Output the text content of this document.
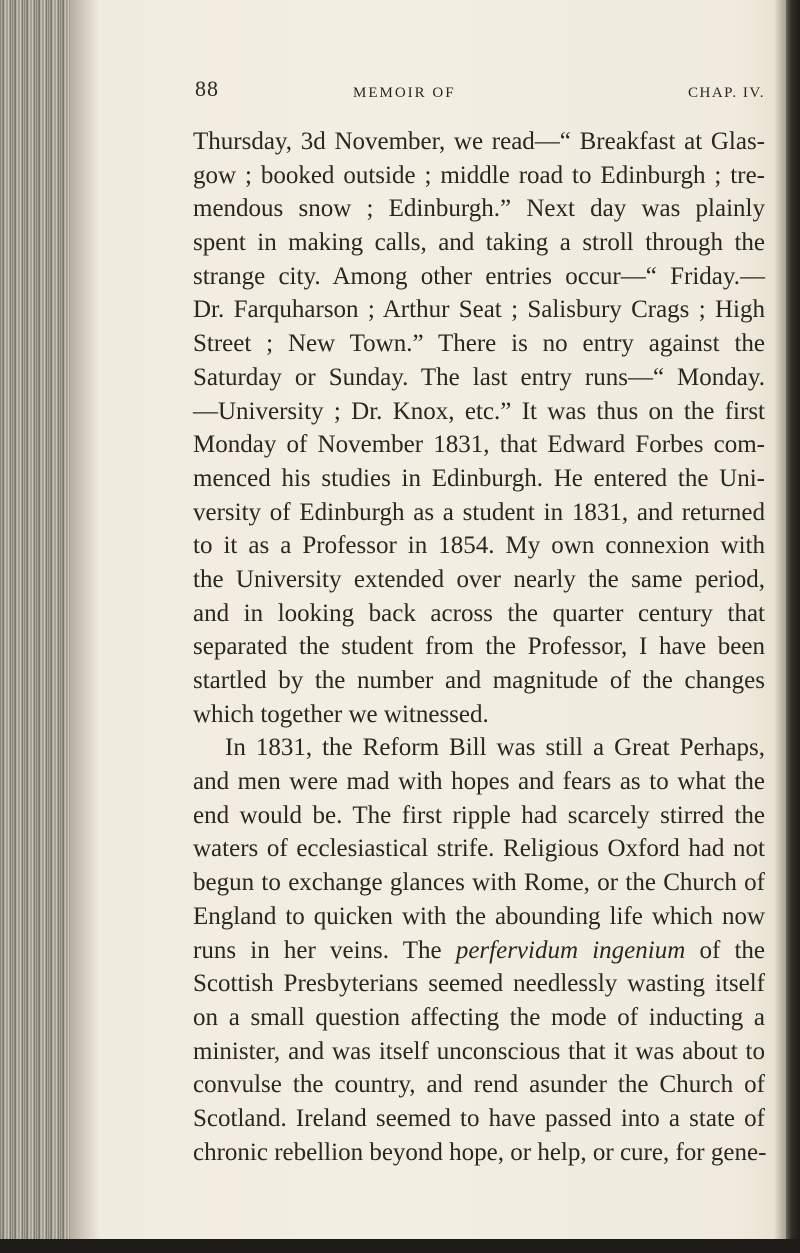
88	MEMOIR OF	CHAP. IV.
Thursday, 3d November, we read—“ Breakfast at Glas-
gow ; booked outside ; middle road to Edinburgh ; tre-
mendous snow ; Edinburgh.” Next day was plainly
spent in making calls, and taking a stroll through the
strange city. Among other entries occur—“ Friday.—
Dr. Farquharson ; Arthur Seat ; Salisbury Crags ; High
Street ; New Town.” There is no entry against the
Saturday or Sunday. The last entry runs—“ Monday.
—University ; Dr. Knox, etc.” It was thus on the first
Monday of November 1831, that Edward Forbes com-
menced his studies in Edinburgh. He entered the Uni-
versity of Edinburgh as a student in 1831, and returned
to it as a Professor in 1854. My own connexion with
the University extended over nearly the same period,
and in looking back across the quarter century that
separated the student from the Professor, I have been
startled by the number and magnitude of the changes
which together we witnessed.
In 1831, the Reform Bill was still a Great Perhaps,
and men were mad with hopes and fears as to what the
end would be. The first ripple had scarcely stirred the
waters of ecclesiastical strife. Religious Oxford had not
begun to exchange glances with Rome, or the Church of
England to quicken with the abounding life which now
runs in her veins. The perfervidum ingenium of the
Scottish Presbyterians seemed needlessly wasting itself
on a small question affecting the mode of inducting a
minister, and was itself unconscious that it was about to
convulse the country, and rend asunder the Church of
Scotland. Ireland seemed to have passed into a state of
chronic rebellion beyond hope, or help, or cure, for gene-
